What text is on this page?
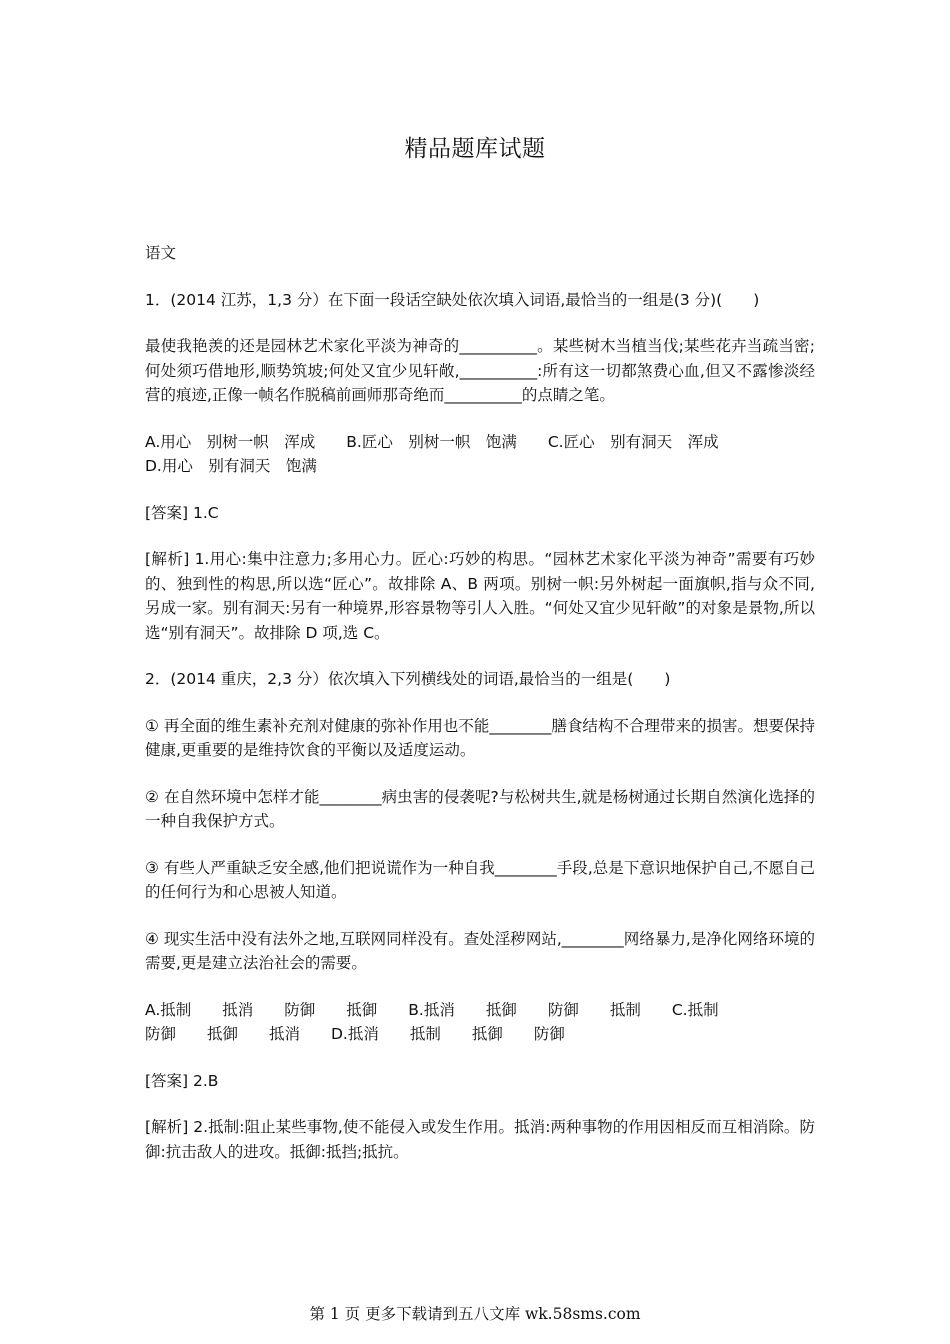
精品题库试题

语文

1．(2014 江苏，1,3 分）在下面一段话空缺处依次填入词语,最恰当的一组是(3 分)(　　)

最使我艳羡的还是园林艺术家化平淡为神奇的__________。某些树木当植当伐;某些花卉当疏当密;何处须巧借地形,顺势筑坡;何处又宜少见轩敞,__________:所有这一切都煞费心血,但又不露惨淡经营的痕迹,正像一帧名作脱稿前画师那奇绝而__________的点睛之笔。

A.用心　别树一帜　浑成　　B.匠心　别树一帜　饱满　　C.匠心　别有洞天　浑成
D.用心　别有洞天　饱满

[答案] 1.C

[解析] 1.用心:集中注意力;多用心力。匠心:巧妙的构思。“园林艺术家化平淡为神奇”需要有巧妙的、独到性的构思,所以选“匠心”。故排除 A、B 两项。别树一帜:另外树起一面旗帜,指与众不同,另成一家。别有洞天:另有一种境界,形容景物等引人入胜。“何处又宜少见轩敞”的对象是景物,所以选“别有洞天”。故排除 D 项,选 C。

2．(2014 重庆，2,3 分）依次填入下列横线处的词语,最恰当的一组是(　　)

① 再全面的维生素补充剂对健康的弥补作用也不能________膳食结构不合理带来的损害。想要保持健康,更重要的是维持饮食的平衡以及适度运动。

② 在自然环境中怎样才能________病虫害的侵袭呢?与松树共生,就是杨树通过长期自然演化选择的一种自我保护方式。

③ 有些人严重缺乏安全感,他们把说谎作为一种自我________手段,总是下意识地保护自己,不愿自己的任何行为和心思被人知道。

④ 现实生活中没有法外之地,互联网同样没有。查处淫秽网站,________网络暴力,是净化网络环境的需要,更是建立法治社会的需要。

A.抵制　　抵消　　防御　　抵御　　B.抵消　　抵御　　防御　　抵制　　C.抵制
防御　　抵御　　抵消　　D.抵消　　抵制　　抵御　　防御

[答案] 2.B

[解析] 2.抵制:阻止某些事物,使不能侵入或发生作用。抵消:两种事物的作用因相反而互相消除。防御:抗击敌人的进攻。抵御:抵挡;抵抗。

第 1 页 更多下载请到五八文库 wk.58sms.com
